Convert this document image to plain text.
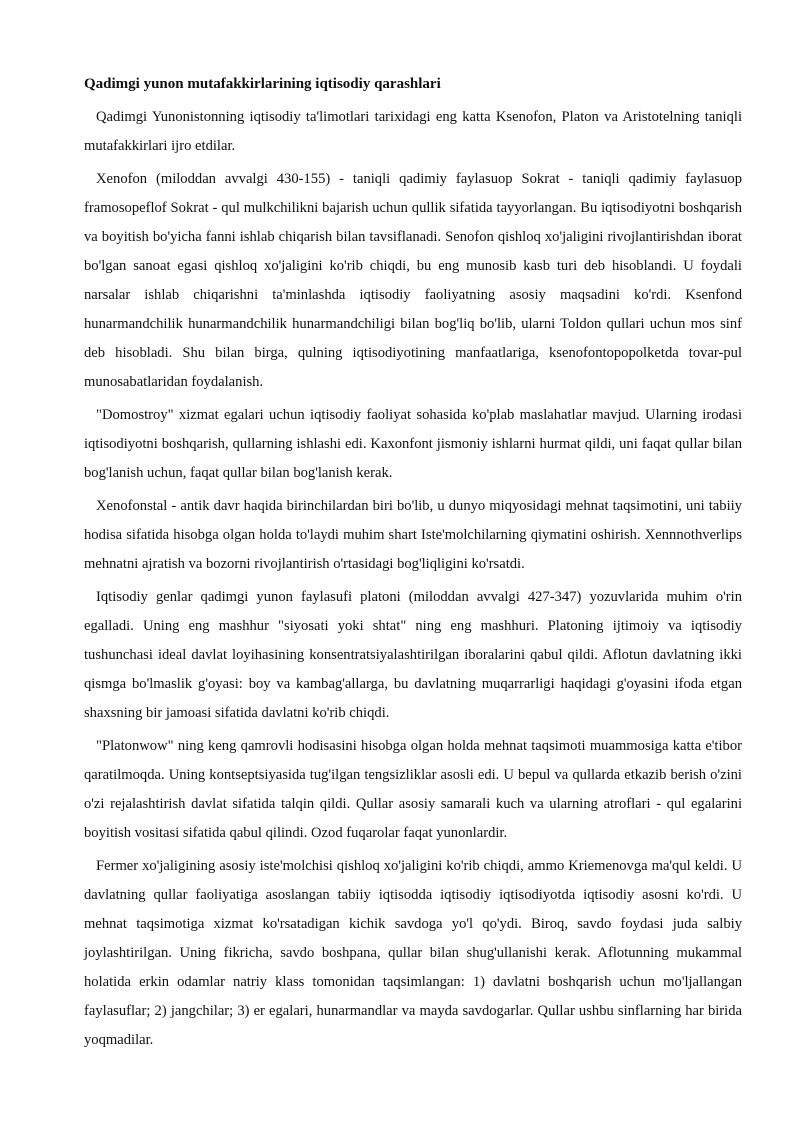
Qadimgi yunon mutafakkirlarining iqtisodiy qarashlari

Qadimgi Yunonistonning iqtisodiy ta'limotlari tarixidagi eng katta Ksenofon, Platon va Aristotelning taniqli mutafakkirlari ijro etdilar.

Xenofon (miloddan avvalgi 430-155) - taniqli qadimiy faylasuop Sokrat - taniqli qadimiy faylasuop framosopeflof Sokrat - qul mulkchilikni bajarish uchun qullik sifatida tayyorlangan. Bu iqtisodiyotni boshqarish va boyitish bo'yicha fanni ishlab chiqarish bilan tavsiflanadi. Senofon qishloq xo'jaligini rivojlantirishdan iborat bo'lgan sanoat egasi qishloq xo'jaligini ko'rib chiqdi, bu eng munosib kasb turi deb hisoblandi. U foydali narsalar ishlab chiqarishni ta'minlashda iqtisodiy faoliyatning asosiy maqsadini ko'rdi. Ksenfond hunarmandchilik hunarmandchilik hunarmandchiligi bilan bog'liq bo'lib, ularni Toldon qullari uchun mos sinf deb hisobladi. Shu bilan birga, qulning iqtisodiyotining manfaatlariga, ksenofontopopolketda tovar-pul munosabatlaridan foydalanish.

"Domostroy" xizmat egalari uchun iqtisodiy faoliyat sohasida ko'plab maslahatlar mavjud. Ularning irodasi iqtisodiyotni boshqarish, qullarning ishlashi edi. Kaxonfont jismoniy ishlarni hurmat qildi, uni faqat qullar bilan bog'lanish uchun, faqat qullar bilan bog'lanish kerak.

Xenofonstal - antik davr haqida birinchilardan biri bo'lib, u dunyo miqyosidagi mehnat taqsimotini, uni tabiiy hodisa sifatida hisobga olgan holda to'laydi muhim shart Iste'molchilarning qiymatini oshirish. Xennnothverlips mehnatni ajratish va bozorni rivojlantirish o'rtasidagi bog'liqligini ko'rsatdi.

Iqtisodiy genlar qadimgi yunon faylasufi platoni (miloddan avvalgi 427-347) yozuvlarida muhim o'rin egalladi. Uning eng mashhur "siyosati yoki shtat" ning eng mashhuri. Platoning ijtimoiy va iqtisodiy tushunchasi ideal davlat loyihasining konsentratsiyalashtirilgan iboralarini qabul qildi. Aflotun davlatning ikki qismga bo'lmaslik g'oyasi: boy va kambag'allarga, bu davlatning muqarrarligi haqidagi g'oyasini ifoda etgan shaxsning bir jamoasi sifatida davlatni ko'rib chiqdi.

"Platonwow" ning keng qamrovli hodisasini hisobga olgan holda mehnat taqsimoti muammosiga katta e'tibor qaratilmoqda. Uning kontseptsiyasida tug'ilgan tengsizliklar asosli edi. U bepul va qullarda etkazib berish o'zini o'zi rejalashtirish davlat sifatida talqin qildi. Qullar asosiy samarali kuch va ularning atroflari - qul egalarini boyitish vositasi sifatida qabul qilindi. Ozod fuqarolar faqat yunonlardir.

Fermer xo'jaligining asosiy iste'molchisi qishloq xo'jaligini ko'rib chiqdi, ammo Kriemenovga ma'qul keldi. U davlatning qullar faoliyatiga asoslangan tabiiy iqtisodda iqtisodiy iqtisodiyotda iqtisodiy asosni ko'rdi. U mehnat taqsimotiga xizmat ko'rsatadigan kichik savdoga yo'l qo'ydi. Biroq, savdo foydasi juda salbiy joylashtirilgan. Uning fikricha, savdo boshpana, qullar bilan shug'ullanishi kerak. Aflotunning mukammal holatida erkin odamlar natriy klass tomonidan taqsimlangan: 1) davlatni boshqarish uchun mo'ljallangan faylasuflar; 2) jangchilar; 3) er egalari, hunarmandlar va mayda savdogarlar. Qullar ushbu sinflarning har birida yoqmadilar.
